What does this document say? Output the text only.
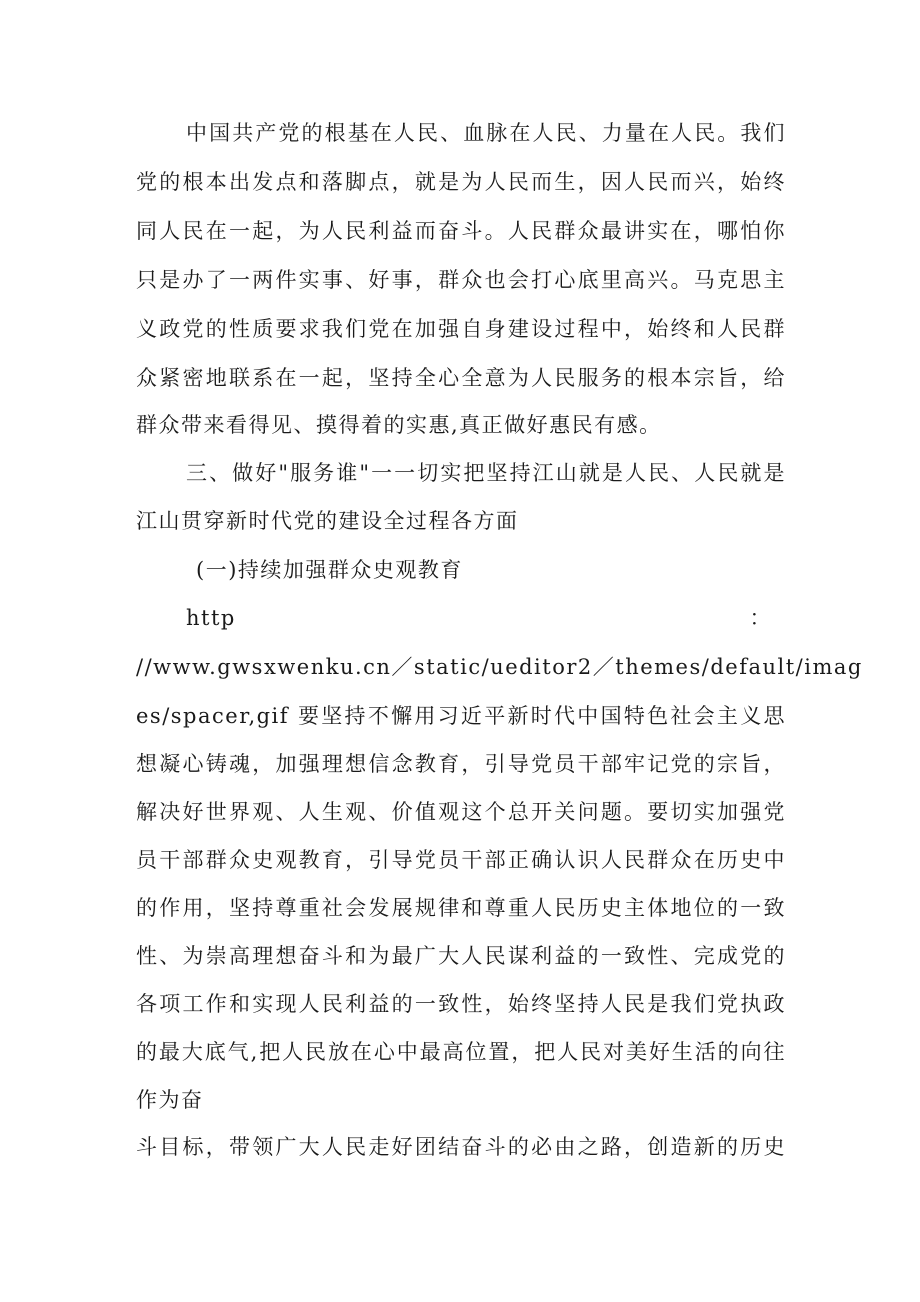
中国共产党的根基在人民、血脉在人民、力量在人民。我们
党的根本出发点和落脚点，就是为人民而生，因人民而兴，始终
同人民在一起，为人民利益而奋斗。人民群众最讲实在，哪怕你
只是办了一两件实事、好事，群众也会打心底里高兴。马克思主
义政党的性质要求我们党在加强自身建设过程中，始终和人民群
众紧密地联系在一起，坚持全心全意为人民服务的根本宗旨，给
群众带来看得见、摸得着的实惠,真正做好惠民有感。
三、做好"服务谁"一一切实把坚持江山就是人民、人民就是
江山贯穿新时代党的建设全过程各方面
(一)持续加强群众史观教育
http	：
//www.gwsxwenku.cn／static/ueditor2／themes/default/imag
es/spacer,gif 要坚持不懈用习近平新时代中国特色社会主义思
想凝心铸魂，加强理想信念教育，引导党员干部牢记党的宗旨，
解决好世界观、人生观、价值观这个总开关问题。要切实加强党
员干部群众史观教育，引导党员干部正确认识人民群众在历史中
的作用，坚持尊重社会发展规律和尊重人民历史主体地位的一致
性、为崇高理想奋斗和为最广大人民谋利益的一致性、完成党的
各项工作和实现人民利益的一致性，始终坚持人民是我们党执政
的最大底气,把人民放在心中最高位置，把人民对美好生活的向往
作为奋
斗目标，带领广大人民走好团结奋斗的必由之路，创造新的历史
